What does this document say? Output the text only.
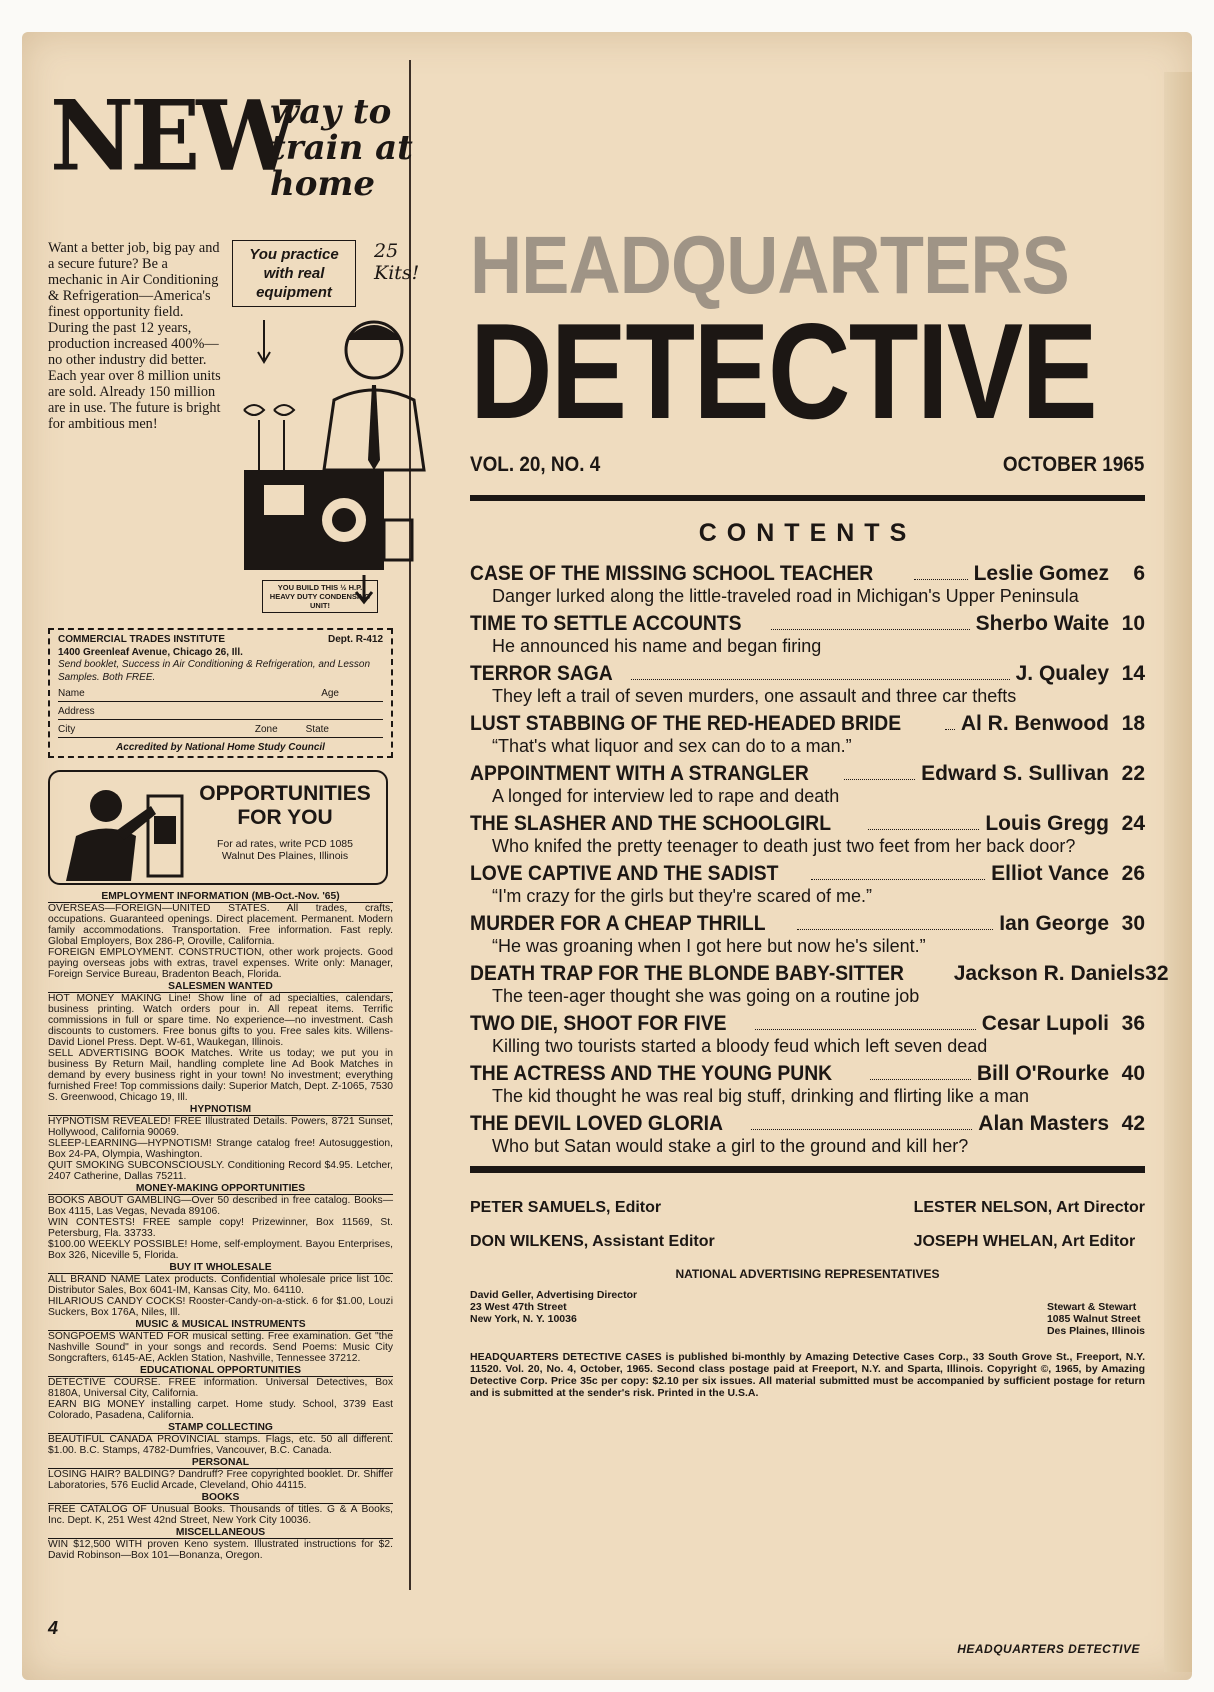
NEW
way to train at home
Want a better job, big pay and a secure future? Be a mechanic in Air Conditioning & Refrigeration—America's finest opportunity field. During the past 12 years, production increased 400%—no other industry did better. Each year over 8 million units are sold. Already 150 million are in use. The future is bright for ambitious men!
You practice with real equipment
25 Kits!
YOU BUILD THIS ½ H.P. HEAVY DUTY CONDENSING UNIT!
COMMERCIAL TRADES INSTITUTE	Dept. R-412
1400 Greenleaf Avenue, Chicago 26, Ill.
Send booklet, Success in Air Conditioning & Refrigeration, and Lesson Samples. Both FREE.
Name	Age
Address
City	Zone	State
Accredited by National Home Study Council
OPPORTUNITIES FOR YOU
For ad rates, write PCD 1085 Walnut Des Plaines, Illinois
EMPLOYMENT INFORMATION (MB-Oct.-Nov. '65)

OVERSEAS—FOREIGN—UNITED STATES. All trades, crafts, occupations. Guaranteed openings. Direct placement. Permanent. Modern family accommodations. Transportation. Free information. Fast reply. Global Employers, Box 286-P, Oroville, California.

FOREIGN EMPLOYMENT. CONSTRUCTION, other work projects. Good paying overseas jobs with extras, travel expenses. Write only: Manager, Foreign Service Bureau, Bradenton Beach, Florida.

SALESMEN WANTED

HOT MONEY MAKING Line! Show line of ad specialties, calendars, business printing. Watch orders pour in. All repeat items. Terrific commissions in full or spare time. No experience—no investment. Cash discounts to customers. Free bonus gifts to you. Free sales kits. Willens-David Lionel Press. Dept. W-61, Waukegan, Illinois.

SELL ADVERTISING BOOK Matches. Write us today; we put you in business By Return Mail, handling complete line Ad Book Matches in demand by every business right in your town! No investment; everything furnished Free! Top commissions daily: Superior Match, Dept. Z-1065, 7530 S. Greenwood, Chicago 19, Ill.

HYPNOTISM

HYPNOTISM REVEALED! FREE Illustrated Details. Powers, 8721 Sunset, Hollywood, California 90069.

SLEEP-LEARNING—HYPNOTISM! Strange catalog free! Autosuggestion, Box 24-PA, Olympia, Washington.

QUIT SMOKING SUBCONSCIOUSLY. Conditioning Record $4.95. Letcher, 2407 Catherine, Dallas 75211.

MONEY-MAKING OPPORTUNITIES

BOOKS ABOUT GAMBLING—Over 50 described in free catalog. Books—Box 4115, Las Vegas, Nevada 89106.

WIN CONTESTS! FREE sample copy! Prizewinner, Box 11569, St. Petersburg, Fla. 33733.

$100.00 WEEKLY POSSIBLE! Home, self-employment. Bayou Enterprises, Box 326, Niceville 5, Florida.

BUY IT WHOLESALE

ALL BRAND NAME Latex products. Confidential wholesale price list 10c. Distributor Sales, Box 6041-IM, Kansas City, Mo. 64110.

HILARIOUS CANDY COCKS! Rooster-Candy-on-a-stick. 6 for $1.00, Louzi Suckers, Box 176A, Niles, Ill.

MUSIC & MUSICAL INSTRUMENTS

SONGPOEMS WANTED FOR musical setting. Free examination. Get "the Nashville Sound" in your songs and records. Send Poems: Music City Songcrafters, 6145-AE, Acklen Station, Nashville, Tennessee 37212.

EDUCATIONAL OPPORTUNITIES

DETECTIVE COURSE. FREE information. Universal Detectives, Box 8180A, Universal City, California.

EARN BIG MONEY installing carpet. Home study. School, 3739 East Colorado, Pasadena, California.

STAMP COLLECTING

BEAUTIFUL CANADA PROVINCIAL stamps. Flags, etc. 50 all different. $1.00. B.C. Stamps, 4782-Dumfries, Vancouver, B.C. Canada.

PERSONAL

LOSING HAIR? BALDING? Dandruff? Free copyrighted booklet. Dr. Shiffer Laboratories, 576 Euclid Arcade, Cleveland, Ohio 44115.

BOOKS

FREE CATALOG OF Unusual Books. Thousands of titles. G & A Books, Inc. Dept. K, 251 West 42nd Street, New York City 10036.

MISCELLANEOUS

WIN $12,500 WITH proven Keno system. Illustrated instructions for $2. David Robinson—Box 101—Bonanza, Oregon.

4
HEADQUARTERS
DETECTIVE
VOL. 20, NO. 4	OCTOBER 1965
CONTENTS
CASE OF THE MISSING SCHOOL TEACHER	Leslie Gomez	6
Danger lurked along the little-traveled road in Michigan's Upper Peninsula
TIME TO SETTLE ACCOUNTS	Sherbo Waite 10
He announced his name and began firing
TERROR SAGA	J. Qualey 14
They left a trail of seven murders, one assault and three car thefts
LUST STABBING OF THE RED-HEADED BRIDE	Al R. Benwood 18
“That's what liquor and sex can do to a man.”
APPOINTMENT WITH A STRANGLER	Edward S. Sullivan 22
A longed for interview led to rape and death
THE SLASHER AND THE SCHOOLGIRL	Louis Gregg 24
Who knifed the pretty teenager to death just two feet from her back door?
LOVE CAPTIVE AND THE SADIST	Elliot Vance 26
“I'm crazy for the girls but they're scared of me.”
MURDER FOR A CHEAP THRILL	Ian George 30
“He was groaning when I got here but now he's silent.”
DEATH TRAP FOR THE BLONDE BABY-SITTER Jackson R. Daniels 32
The teen-ager thought she was going on a routine job
TWO DIE, SHOOT FOR FIVE	Cesar Lupoli 36
Killing two tourists started a bloody feud which left seven dead
THE ACTRESS AND THE YOUNG PUNK	Bill O'Rourke 40
The kid thought he was real big stuff, drinking and flirting like a man
THE DEVIL LOVED GLORIA	Alan Masters 42
Who but Satan would stake a girl to the ground and kill her?
PETER SAMUELS, Editor
DON WILKENS, Assistant Editor
LESTER NELSON, Art Director
JOSEPH WHELAN, Art Editor
NATIONAL ADVERTISING REPRESENTATIVES
David Geller, Advertising Director
23 West 47th Street
New York, N. Y. 10036
Stewart & Stewart
1085 Walnut Street
Des Plaines, Illinois
HEADQUARTERS DETECTIVE CASES is published bi-monthly by Amazing Detective Cases Corp., 33 South Grove St., Freeport, N.Y. 11520. Vol. 20, No. 4, October, 1965. Second class postage paid at Freeport, N.Y. and Sparta, Illinois. Copyright ©, 1965, by Amazing Detective Corp. Price 35c per copy: $2.10 per six issues. All material submitted must be accompanied by sufficient postage for return and is submitted at the sender's risk. Printed in the U.S.A.
HEADQUARTERS DETECTIVE
